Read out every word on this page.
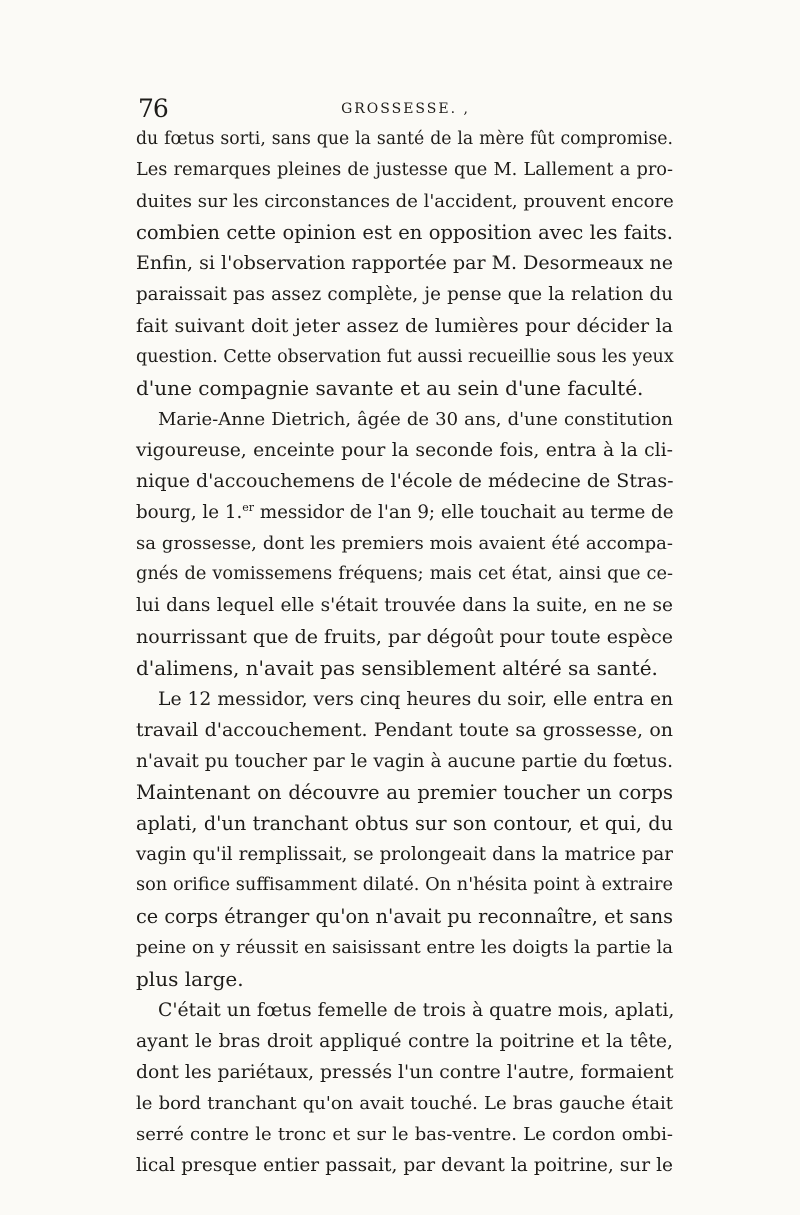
76	GROSSESSE. ,
du fœtus sorti, sans que la santé de la mère fût compromise.
Les remarques pleines de justesse que M. Lallement a pro-
duites sur les circonstances de l'accident, prouvent encore
combien cette opinion est en opposition avec les faits.
Enfin, si l'observation rapportée par M. Desormeaux ne
paraissait pas assez complète, je pense que la relation du
fait suivant doit jeter assez de lumières pour décider la
question. Cette observation fut aussi recueillie sous les yeux
d'une compagnie savante et au sein d'une faculté.
Marie-Anne Dietrich, âgée de 30 ans, d'une constitution
vigoureuse, enceinte pour la seconde fois, entra à la cli-
nique d'accouchemens de l'école de médecine de Stras-
bourg, le 1.$^{er}$ messidor de l'an 9; elle touchait au terme de
sa grossesse, dont les premiers mois avaient été accompa-
gnés de vomissemens fréquens; mais cet état, ainsi que ce-
lui dans lequel elle s'était trouvée dans la suite, en ne se
nourrissant que de fruits, par dégoût pour toute espèce
d'alimens, n'avait pas sensiblement altéré sa santé.
Le 12 messidor, vers cinq heures du soir, elle entra en
travail d'accouchement. Pendant toute sa grossesse, on
n'avait pu toucher par le vagin à aucune partie du fœtus.
Maintenant on découvre au premier toucher un corps
aplati, d'un tranchant obtus sur son contour, et qui, du
vagin qu'il remplissait, se prolongeait dans la matrice par
son orifice suffisamment dilaté. On n'hésita point à extraire
ce corps étranger qu'on n'avait pu reconnaître, et sans
peine on y réussit en saisissant entre les doigts la partie la
plus large.
C'était un fœtus femelle de trois à quatre mois, aplati,
ayant le bras droit appliqué contre la poitrine et la tête,
dont les pariétaux, pressés l'un contre l'autre, formaient
le bord tranchant qu'on avait touché. Le bras gauche était
serré contre le tronc et sur le bas-ventre. Le cordon ombi-
lical presque entier passait, par devant la poitrine, sur le
